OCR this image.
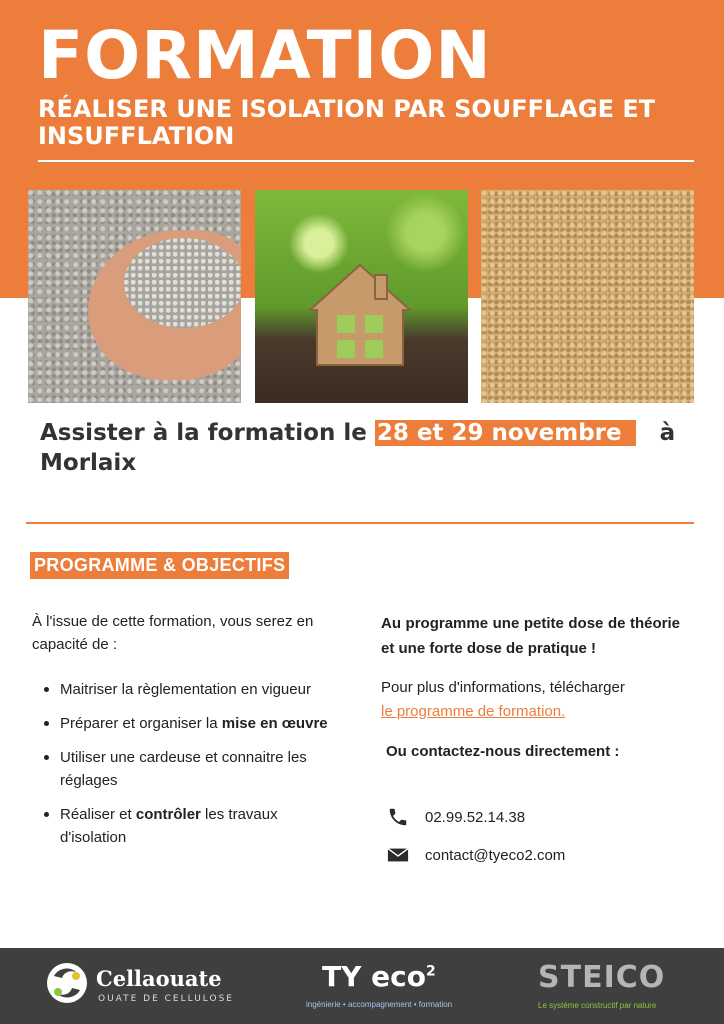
FORMATION
RÉALISER UNE ISOLATION PAR SOUFFLAGE ET INSUFFLATION
Assister à la formation le 28 et 29 novembre à
Morlaix
PROGRAMME & OBJECTIFS

À l'issue de cette formation, vous serez en capacité de :

Maitriser la règlementation en vigueur
Préparer et organiser la mise en œuvre
Utiliser une cardeuse et connaitre les réglages
Réaliser et contrôler les travaux d'isolation

Au programme une petite dose de théorie et une forte dose de pratique !

Pour plus d'informations, télécharger
le programme de formation.

Ou contactez-nous directement :

02.99.52.14.38
contact@tyeco2.com
Cellaouate
OUATE DE CELLULOSE
TY eco$^2$
ingénierie • accompagnement • formation
STEICO
Le système constructif par nature
